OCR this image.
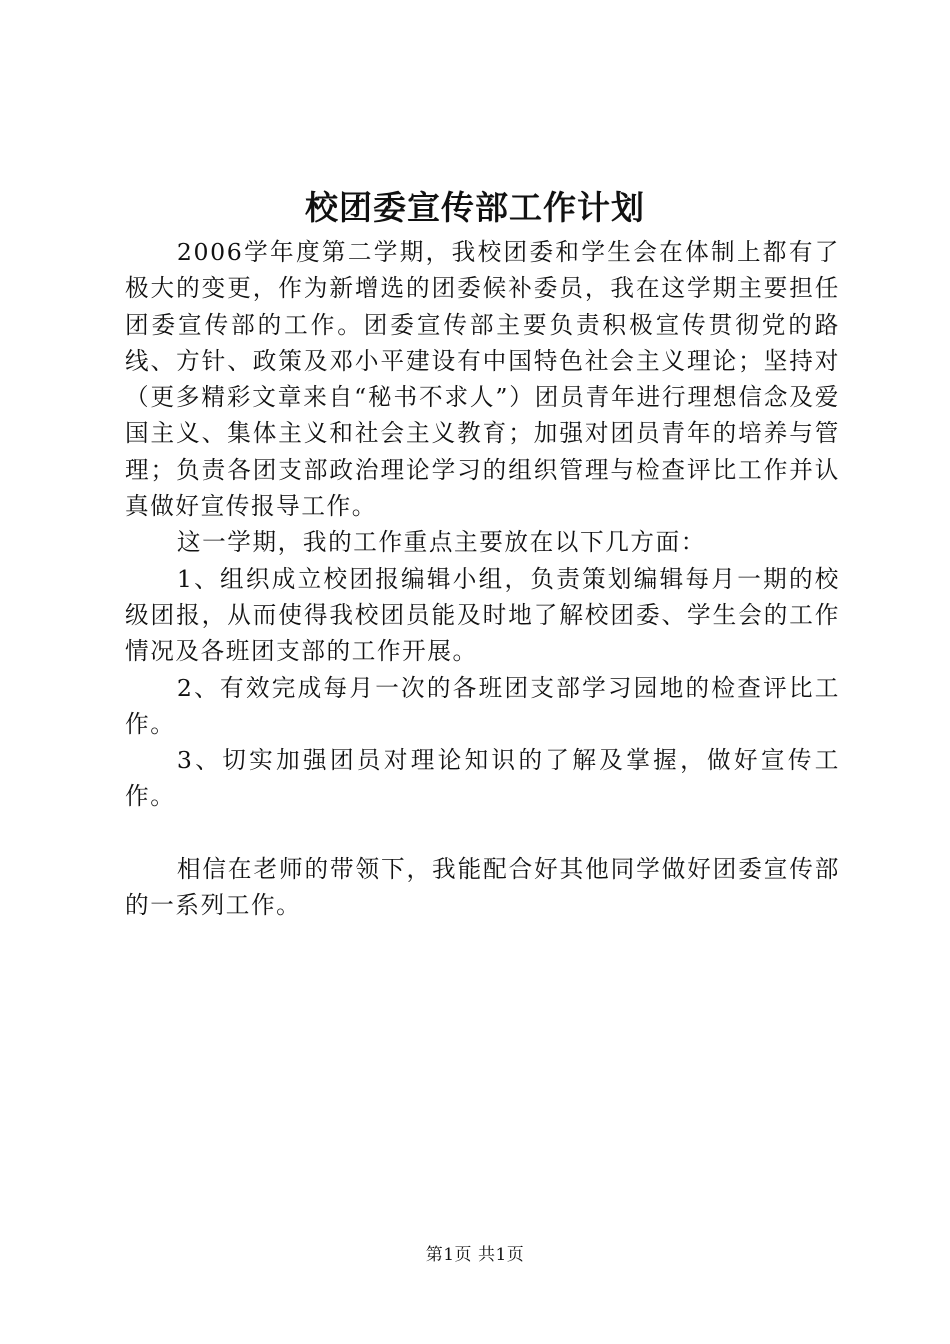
校团委宣传部工作计划

2006学年度第二学期，我校团委和学生会在体制上都有了极大的变更，作为新增选的团委候补委员，我在这学期主要担任团委宣传部的工作。团委宣传部主要负责积极宣传贯彻党的路线、方针、政策及邓小平建设有中国特色社会主义理论；坚持对（更多精彩文章来自“秘书不求人”）团员青年进行理想信念及爱国主义、集体主义和社会主义教育；加强对团员青年的培养与管理；负责各团支部政治理论学习的组织管理与检查评比工作并认真做好宣传报导工作。

这一学期，我的工作重点主要放在以下几方面：

1、组织成立校团报编辑小组，负责策划编辑每月一期的校级团报，从而使得我校团员能及时地了解校团委、学生会的工作情况及各班团支部的工作开展。

2、有效完成每月一次的各班团支部学习园地的检查评比工作。

3、切实加强团员对理论知识的了解及掌握，做好宣传工作。

相信在老师的带领下，我能配合好其他同学做好团委宣传部的一系列工作。

第1页 共1页
